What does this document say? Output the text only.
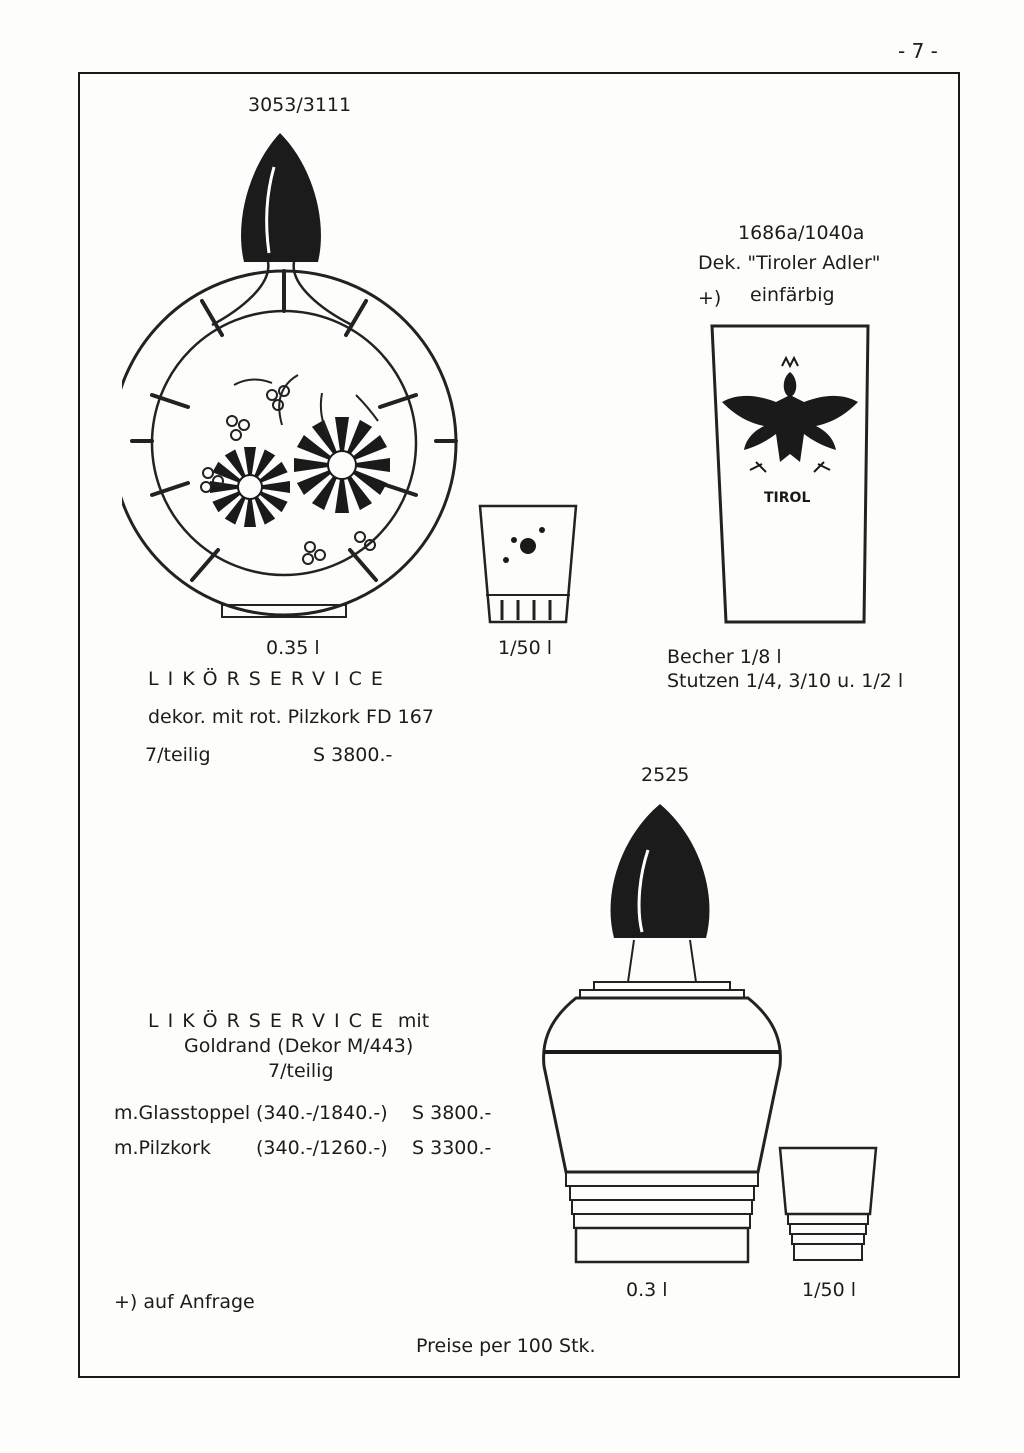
- 7 -
3053/3111
0.35 l	1/50 l
LIKÖRSERVICE
dekor. mit rot. Pilzkork FD 167
7/teilig	S 3800.-
1686a/1040a
Dek. "Tiroler Adler"
+) einfärbig
TIROL
Becher 1/8 l
Stutzen 1/4, 3/10 u. 1/2 l
2525
LIKÖRSERVICE mit
Goldrand (Dekor M/443)
7/teilig
m.Glasstoppel (340.-/1840.-) S 3800.-
m.Pilzkork (340.-/1260.-) S 3300.-
0.3 l	1/50 l
+) auf Anfrage
Preise per 100 Stk.
